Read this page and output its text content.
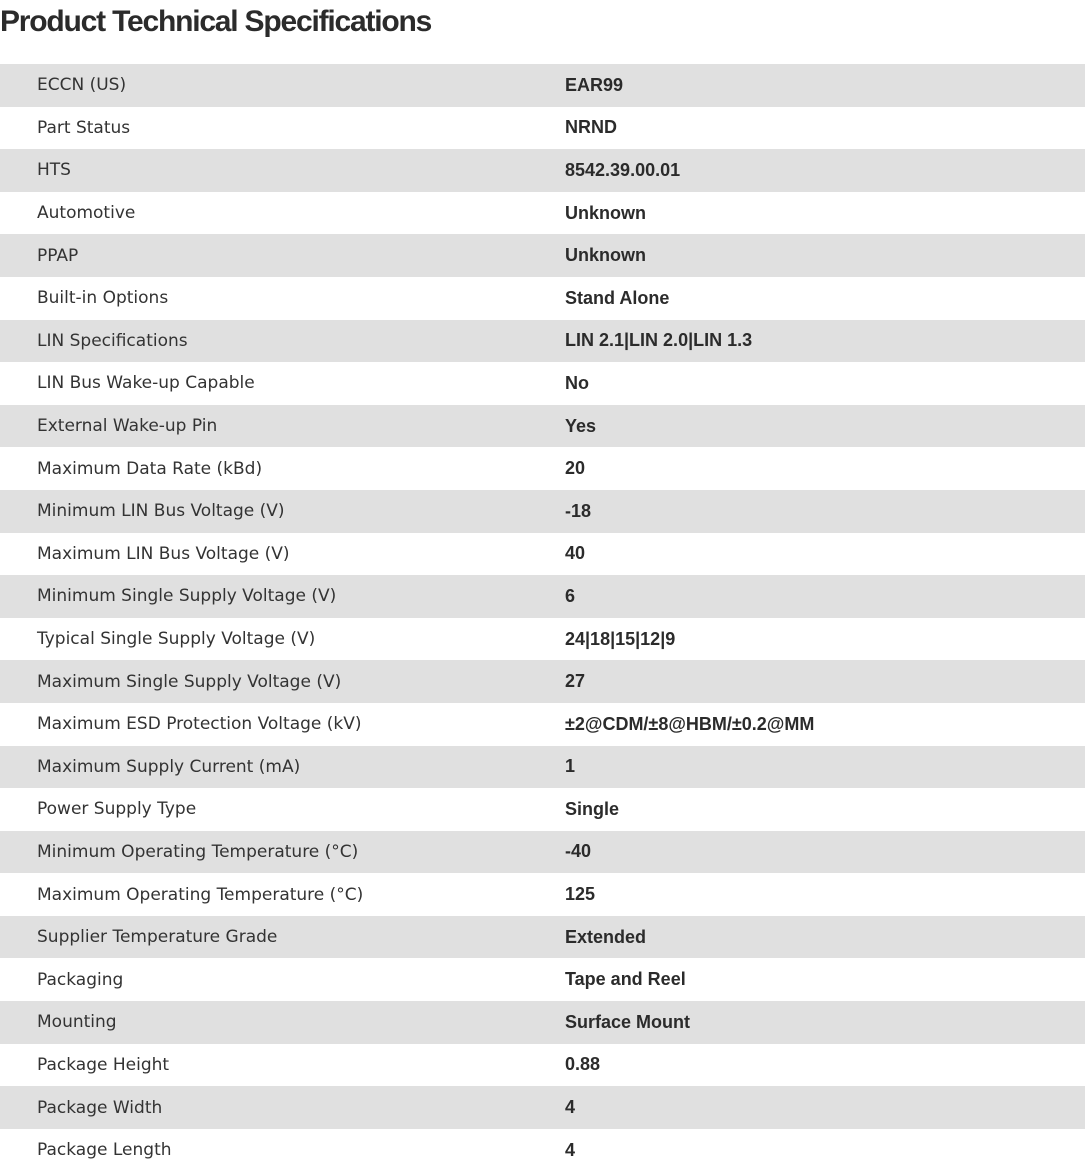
Product Technical Specifications
ECCN (US)	EAR99
Part Status	NRND
HTS	8542.39.00.01
Automotive	Unknown
PPAP	Unknown
Built-in Options	Stand Alone
LIN Specifications	LIN 2.1|LIN 2.0|LIN 1.3
LIN Bus Wake-up Capable	No
External Wake-up Pin	Yes
Maximum Data Rate (kBd)	20
Minimum LIN Bus Voltage (V)	-18
Maximum LIN Bus Voltage (V)	40
Minimum Single Supply Voltage (V)	6
Typical Single Supply Voltage (V)	24|18|15|12|9
Maximum Single Supply Voltage (V)	27
Maximum ESD Protection Voltage (kV)	±2@CDM/±8@HBM/±0.2@MM
Maximum Supply Current (mA)	1
Power Supply Type	Single
Minimum Operating Temperature (°C)	-40
Maximum Operating Temperature (°C)	125
Supplier Temperature Grade	Extended
Packaging	Tape and Reel
Mounting	Surface Mount
Package Height	0.88
Package Width	4
Package Length	4
